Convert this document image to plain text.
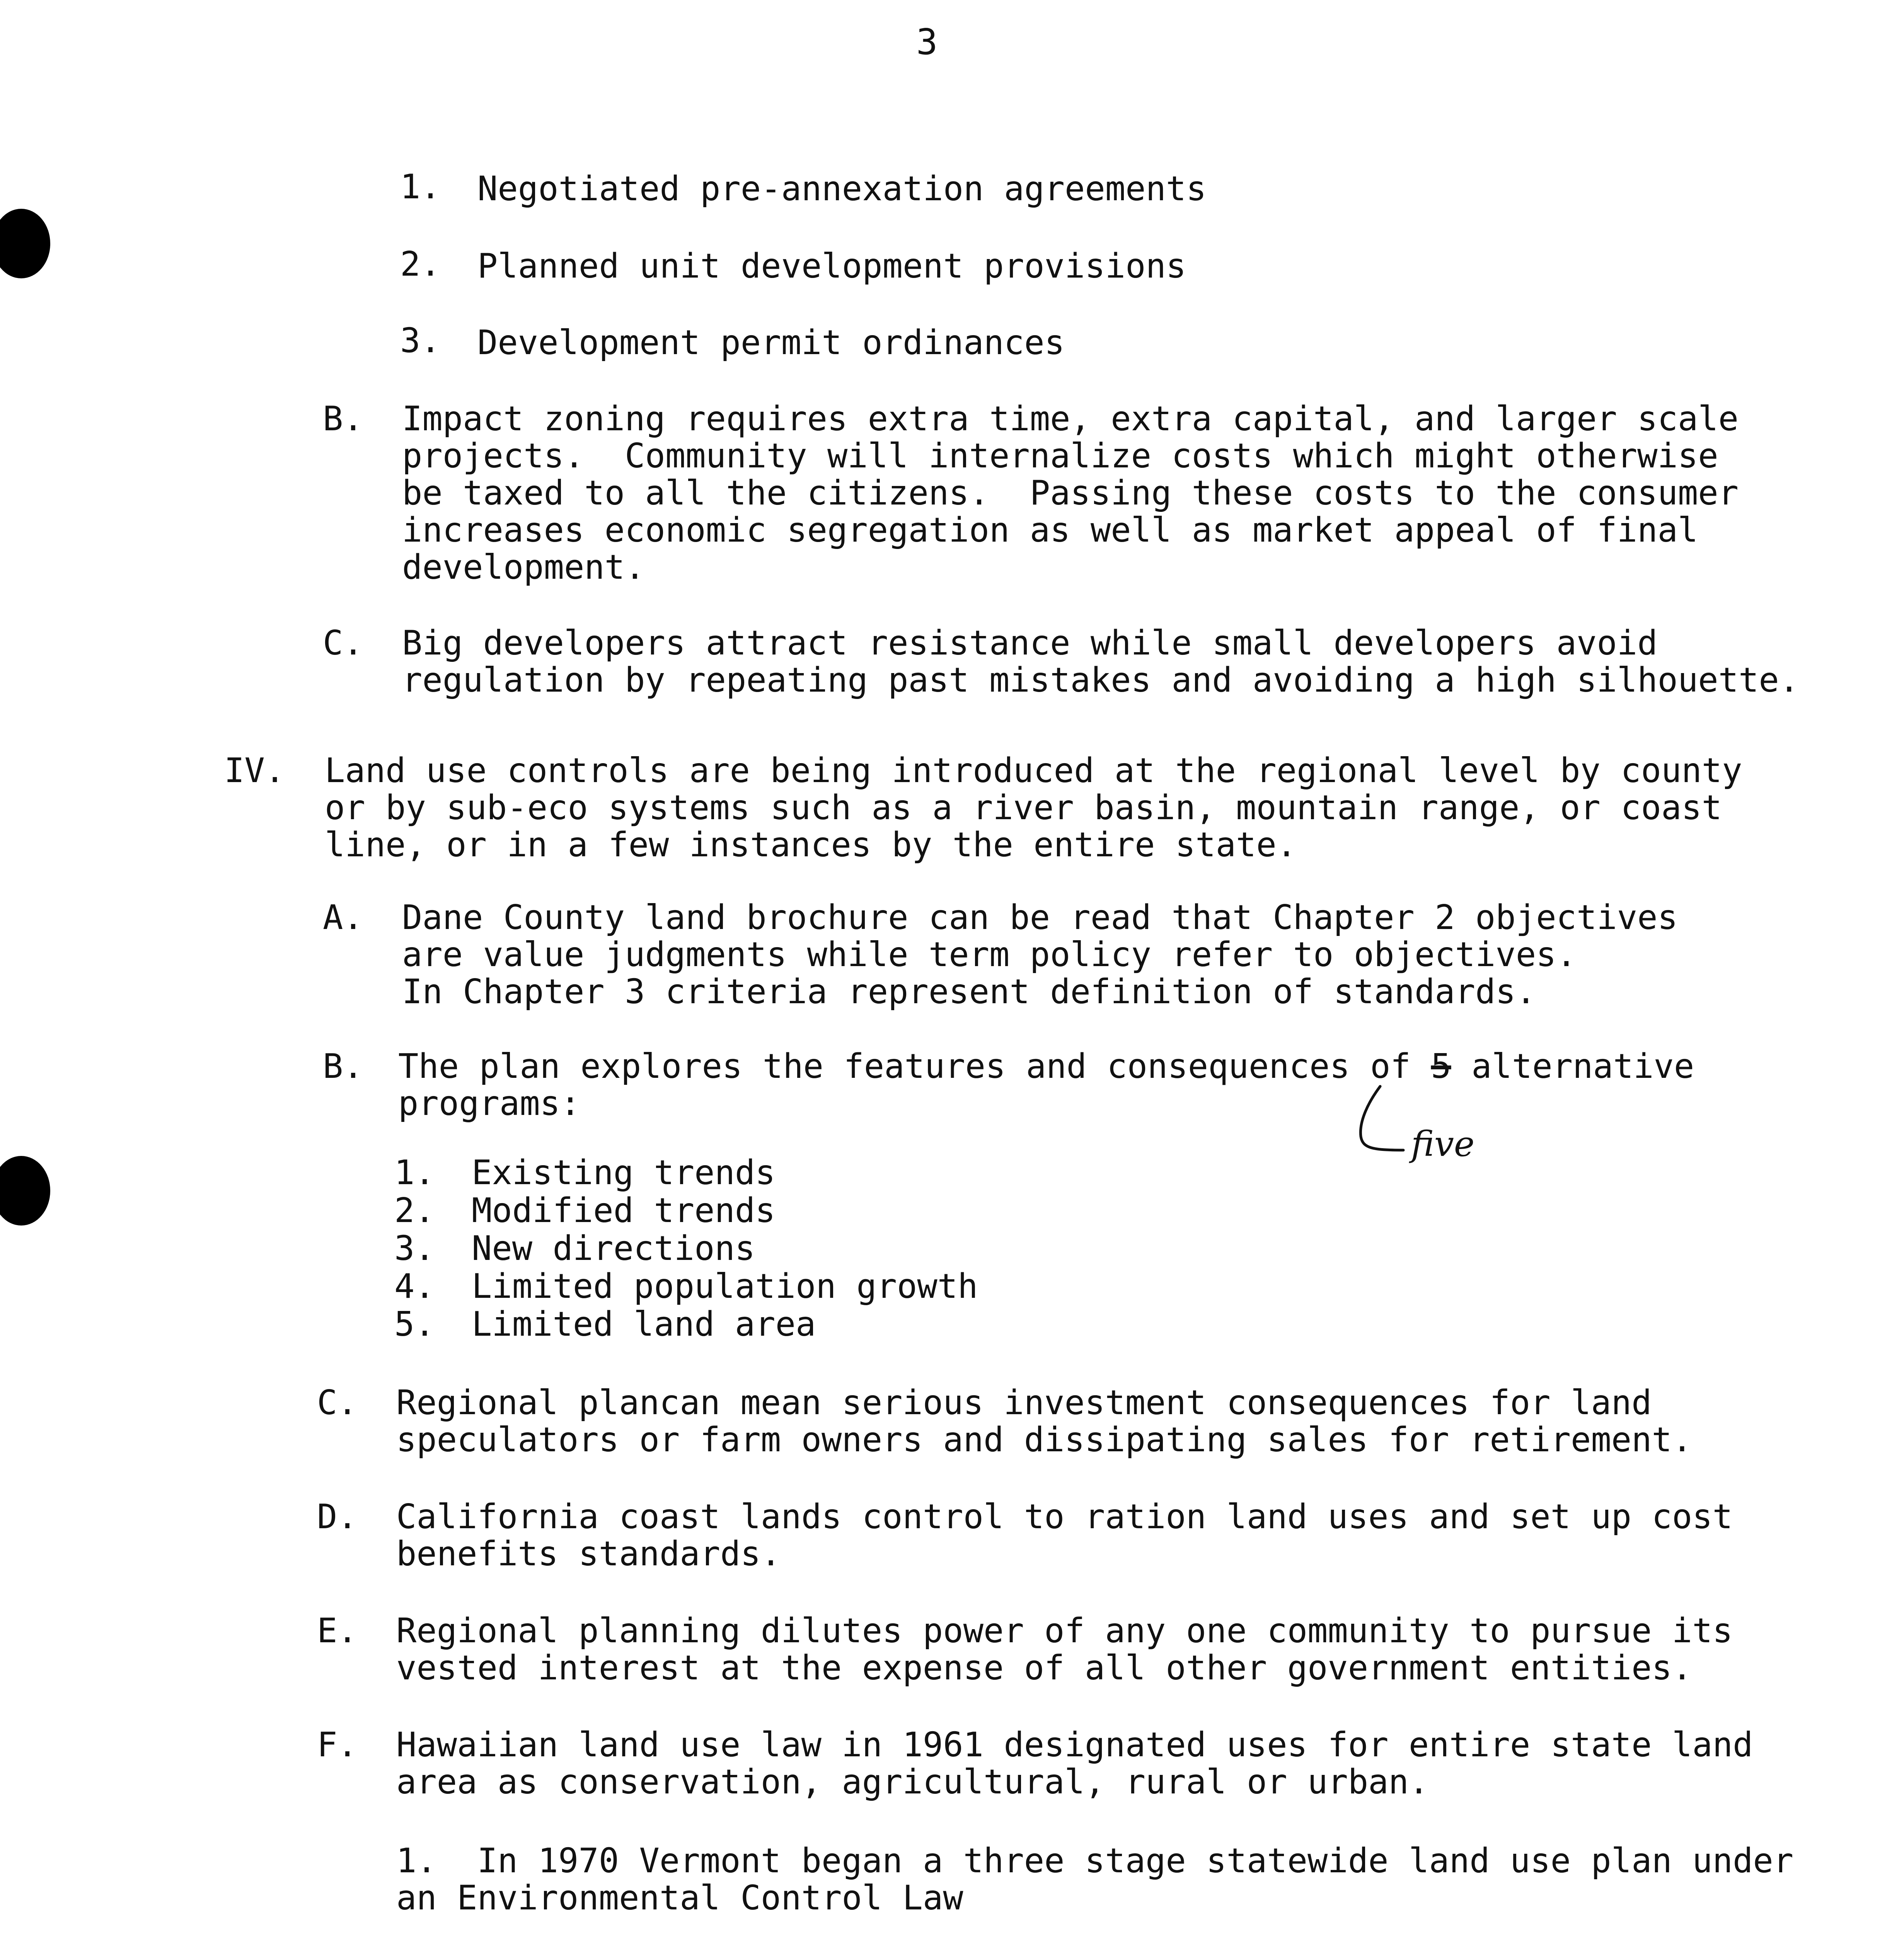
3
1. Negotiated pre-annexation agreements
2. Planned unit development provisions
3. Development permit ordinances
B. Impact zoning requires extra time, extra capital, and larger scale
projects.  Community will internalize costs which might otherwise
be taxed to all the citizens.  Passing these costs to the consumer
increases economic segregation as well as market appeal of final
development.
C. Big developers attract resistance while small developers avoid
regulation by repeating past mistakes and avoiding a high silhouette.
IV. Land use controls are being introduced at the regional level by county
or by sub-eco systems such as a river basin, mountain range, or coast
line, or in a few instances by the entire state.
A. Dane County land brochure can be read that Chapter 2 objectives
are value judgments while term policy refer to objectives.
In Chapter 3 criteria represent definition of standards.
B. The plan explores the features and consequences of 5 alternative
programs:
five
1. Existing trends
2. Modified trends
3. New directions
4. Limited population growth
5. Limited land area
C. Regional plancan mean serious investment consequences for land
speculators or farm owners and dissipating sales for retirement.
D. California coast lands control to ration land uses and set up cost
benefits standards.
E. Regional planning dilutes power of any one community to pursue its
vested interest at the expense of all other government entities.
F. Hawaiian land use law in 1961 designated uses for entire state land
area as conservation, agricultural, rural or urban.
1. In 1970 Vermont began a three stage statewide land use plan under
an Environmental Control Law
